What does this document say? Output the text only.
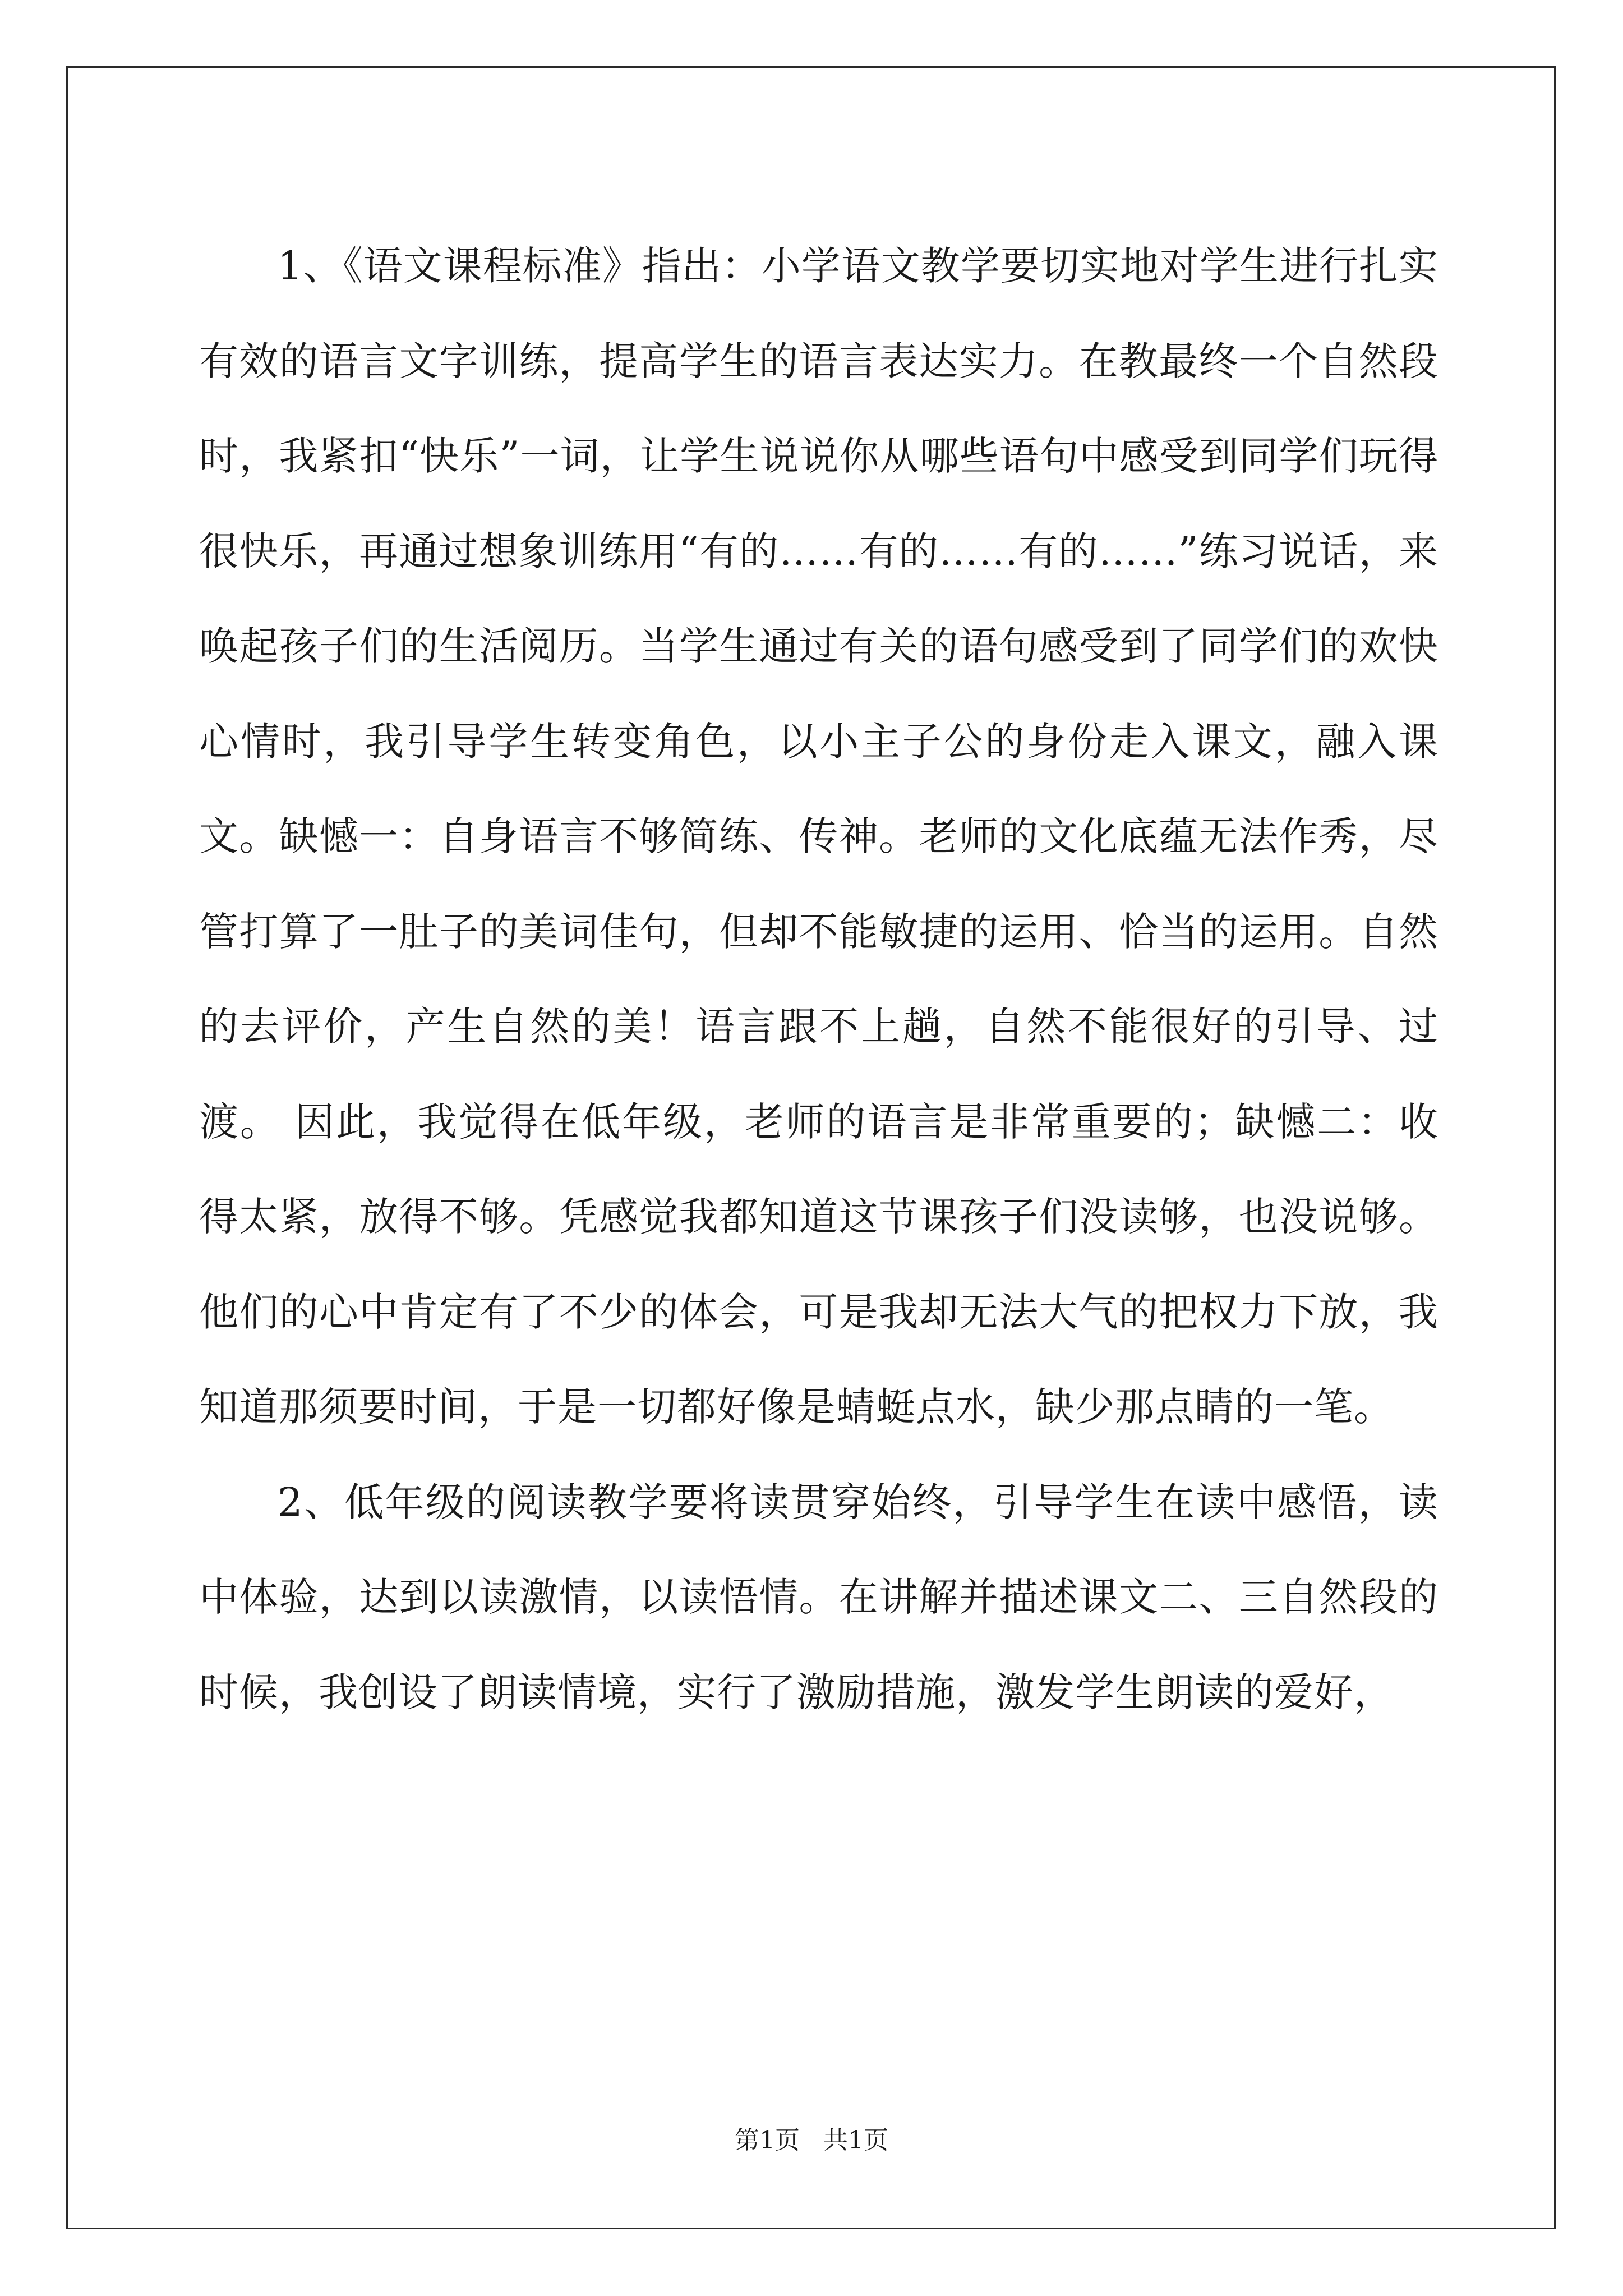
1、《语文课程标准》指出：小学语文教学要切实地对学生进行扎实有效的语言文字训练，提高学生的语言表达实力。在教最终一个自然段时，我紧扣“快乐”一词，让学生说说你从哪些语句中感受到同学们玩得很快乐，再通过想象训练用“有的……有的……有的……”练习说话，来唤起孩子们的生活阅历。当学生通过有关的语句感受到了同学们的欢快心情时，我引导学生转变角色，以小主子公的身份走入课文，融入课文。缺憾一：自身语言不够简练、传神。老师的文化底蕴无法作秀，尽管打算了一肚子的美词佳句，但却不能敏捷的运用、恰当的运用。自然的去评价，产生自然的美！语言跟不上趟，自然不能很好的引导、过渡。 因此，我觉得在低年级，老师的语言是非常重要的；缺憾二：收得太紧，放得不够。凭感觉我都知道这节课孩子们没读够，也没说够。他们的心中肯定有了不少的体会，可是我却无法大气的把权力下放，我知道那须要时间，于是一切都好像是蜻蜓点水，缺少那点睛的一笔。

2、低年级的阅读教学要将读贯穿始终，引导学生在读中感悟，读中体验，达到以读激情，以读悟情。在讲解并描述课文二、三自然段的时候，我创设了朗读情境，实行了激励措施，激发学生朗读的爱好，

第1页 共1页
